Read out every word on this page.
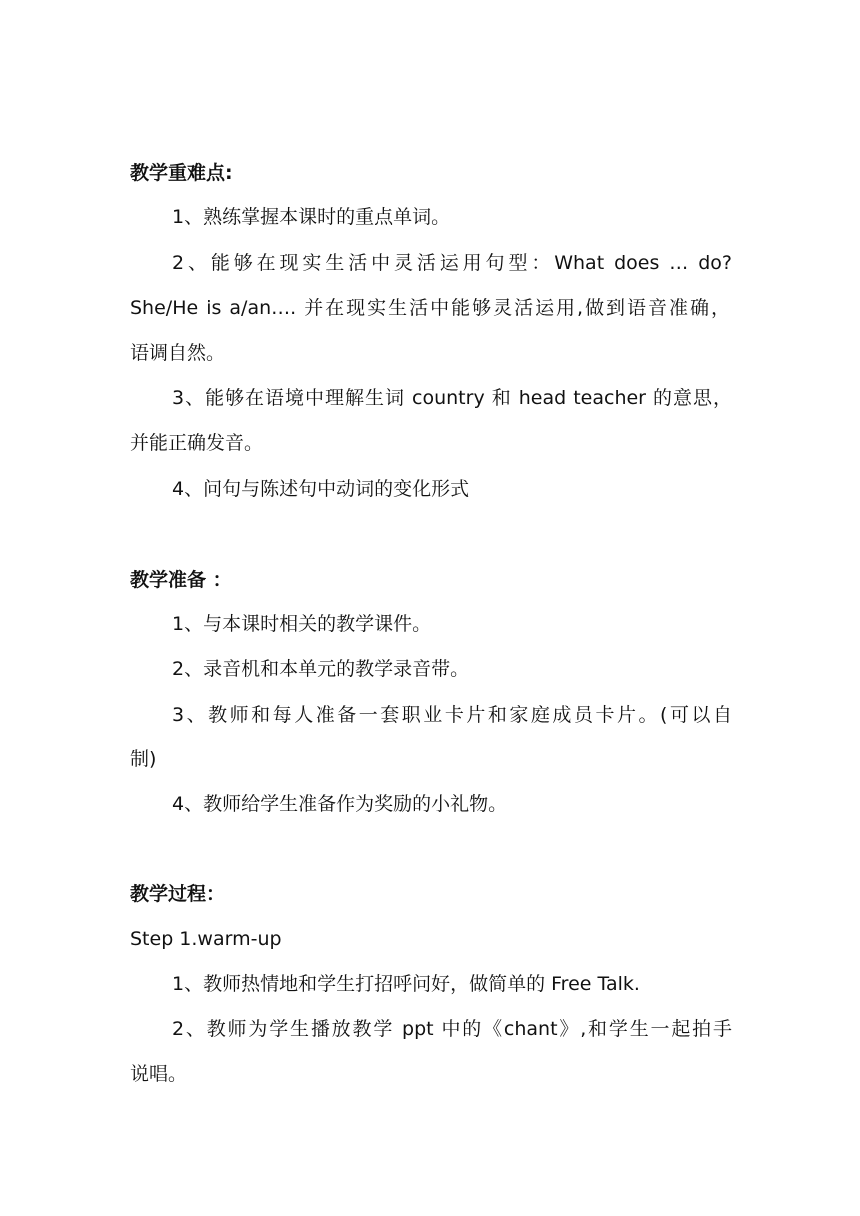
教学重难点:
1、熟练掌握本课时的重点单词。
2、能够在现实生活中灵活运用句型：What does … do?
She/He is a/an…. 并在现实生活中能够灵活运用,做到语音准确，
语调自然。
3、能够在语境中理解生词 country 和 head teacher 的意思，
并能正确发音。
4、问句与陈述句中动词的变化形式
教学准备 ：
1、与本课时相关的教学课件。
2、录音机和本单元的教学录音带。
3、教师和每人准备一套职业卡片和家庭成员卡片。(可以自
制)
4、教师给学生准备作为奖励的小礼物。
教学过程：
Step 1.warm-up
1、教师热情地和学生打招呼问好，做简单的 Free Talk.
2、教师为学生播放教学 ppt 中的《chant》,和学生一起拍手
说唱。
